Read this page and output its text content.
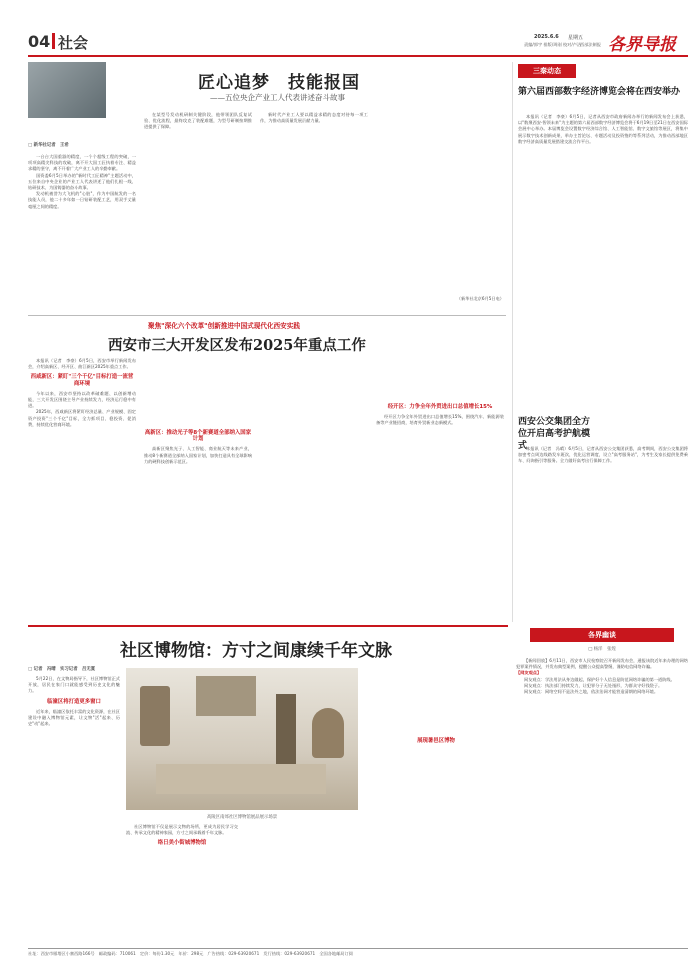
04 社会	2025.6.6 星期五
责编/郭宇 排版/周刚 校对/卢洁
西部法制报 各界导报
□ 新华社记者　王希
匠心追梦　技能报国
——五位央企产业工人代表讲述奋斗故事

一台台大国重器的精度，一个个超级工程的突破，一项项高精尖科技的攻破，离不开大国工匠执着专注、精益求精的坚守，离不开着广大产业工人的辛勤奉献。

国资委6月5日举办的"新时代工匠精神"主题活动中，五位来自中央企业的产业工人代表讲述了他们扎根一线、钻研技术、为国铸器的奋斗故事。

发动机被誉为大飞机的"心脏"，作为中国航发的一名技能人员，他二十多年如一日钻研装配工艺，用双手丈量毫厘之间的精度。

在某型号发动机研制关键阶段，他带领团队反复试验、优化流程，最终攻克了装配难题，为型号研制按期推进提供了保障。

新时代产业工人要以精益求精的态度对待每一项工作，为推动高质量发展贡献力量。

（新华社北京6月5日电）
三秦动态
第六届西部数字经济博览会将在西安举办

本报讯（记者　李豪）6月5日，记者从西安市政府新闻办举行的新闻发布会上获悉，以"数聚西安·智领未来"为主题的第六届西部数字经济博览会将于6月19日至21日在西安国际会展中心举办。本届博览会设置数字经济综合馆、人工智能馆、数字文旅馆等展区，将集中展示数字技术创新成果，举办主旨论坛、专题活动及投资签约等系列活动，为推动西部地区数字经济高质量发展搭建交流合作平台。

西安公交集团全方位开启高考护航模式

本报讯（记者　冯晴）6月5日，记者从西安公交集团获悉，高考期间，西安公交集团将加密考点周边线路发车班次，优化运营调度，设立"高考服务站"，为考生及家长提供免费乘车、问询指引等服务。全力做好高考出行保障工作。

聚焦"深化六个改革"创新推进中国式现代化西安实践
西安市三大开发区发布2025年重点工作

本报讯（记者　李豪）6月5日，西安市举行新闻发布会，介绍高新区、经开区、曲江新区2025年重点工作。

西咸新区：紧盯"三个千亿"目标打造一流营商环境

今年以来，西安市坚持以改革破难题、以创新增动能，三大开发区围绕主导产业持续发力，经济运行稳中有进。

2025年，西咸新区将紧盯经济总量、产业规模、固定资产投资"三个千亿"目标，全力抓项目、稳投资、促消费，持续优化营商环境。

高新区：推动光子等8个新赛道全部纳入国家计划

高新区聚焦光子、人工智能、商业航天等未来产业，推动8个新赛道全部纳入国家计划，加快打造具有全球影响力的硬科技创新示范区。

经开区：力争全年外贸进出口总值增长15%

经开区力争全年外贸进出口总值增长15%，围绕汽车、新能源装备等产业链招商，培育外贸新业态新模式。

社区博物馆：方寸之间康续千年文脉
□ 记者　冯晴　实习记者　吕无夏

5月22日，在文物局指导下，社区博物馆正式开放，居民在家门口就能感受到历史文化的魅力。

临潼区将打造更多窗口

近年来，临潼区依托丰富的文化资源，在社区建设中融入博物馆元素，让文物"活"起来、历史"动"起来。

高陵区南郊社区博物馆展品展示场景

社区博物馆不仅是展示文物的场所，更成为居民学习交流、传承文化的精神家园，方寸之间承载着千年文脉。

络日美小街城博物馆
展现暑邑区博物
各界幽谈
□ 杨洋　张煌

【新闻回放】6月11日，西安市人民检察院召开新闻发布会，通报该院近年来办理的网络犯罪案件情况，并发布典型案例，提醒公众提高警惕，谨防电信网络诈骗。

【网友观点】

网友观点：学法用法从身边做起，保护好个人信息是防范网络诈骗的第一道防线。

网友观点：执法部门持续发力，让犯罪分子无处遁形，为群众守好钱袋子。

网友观点：网络空间不是法外之地，依法治网才能营造清朗的网络环境。

社址：西安市雁塔区小寨西路166号　邮政编码：710061　定价：每份1.30元　年价：298元　广告热线：029-63920671　发行热线：029-63920671　全国各地邮局订阅
